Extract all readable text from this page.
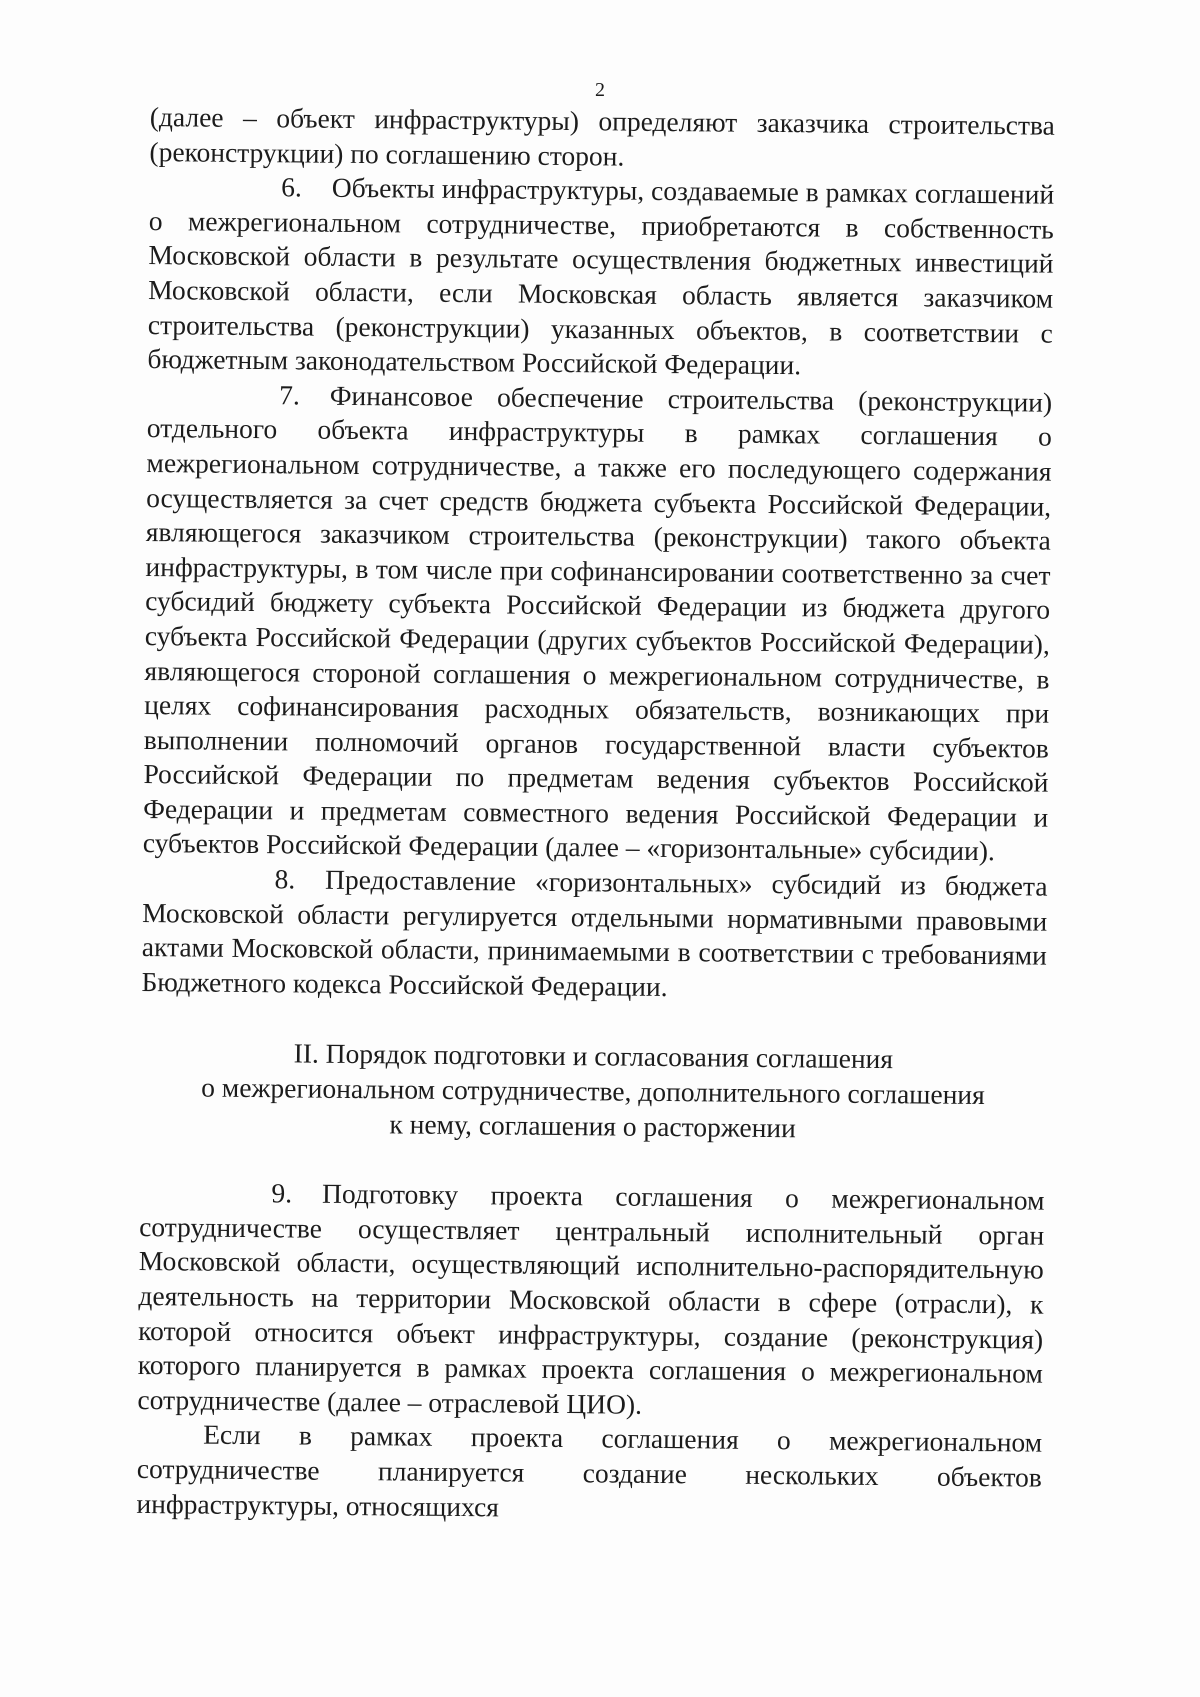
2

(далее – объект инфраструктуры) определяют заказчика строительства (реконструкции) по соглашению сторон.

6. Объекты инфраструктуры, создаваемые в рамках соглашений о межрегиональном сотрудничестве, приобретаются в собственность Московской области в результате осуществления бюджетных инвестиций Московской области, если Московская область является заказчиком строительства (реконструкции) указанных объектов, в соответствии с бюджетным законодательством Российской Федерации.

7. Финансовое обеспечение строительства (реконструкции) отдельного объекта инфраструктуры в рамках соглашения о межрегиональном сотрудничестве, а также его последующего содержания осуществляется за счет средств бюджета субъекта Российской Федерации, являющегося заказчиком строительства (реконструкции) такого объекта инфраструктуры, в том числе при софинансировании соответственно за счет субсидий бюджету субъекта Российской Федерации из бюджета другого субъекта Российской Федерации (других субъектов Российской Федерации), являющегося стороной соглашения о межрегиональном сотрудничестве, в целях софинансирования расходных обязательств, возникающих при выполнении полномочий органов государственной власти субъектов Российской Федерации по предметам ведения субъектов Российской Федерации и предметам совместного ведения Российской Федерации и субъектов Российской Федерации (далее – «горизонтальные» субсидии).

8. Предоставление «горизонтальных» субсидий из бюджета Московской области регулируется отдельными нормативными правовыми актами Московской области, принимаемыми в соответствии с требованиями Бюджетного кодекса Российской Федерации.

II. Порядок подготовки и согласования соглашения
о межрегиональном сотрудничестве, дополнительного соглашения
к нему, соглашения о расторжении

9. Подготовку проекта соглашения о межрегиональном сотрудничестве осуществляет центральный исполнительный орган Московской области, осуществляющий исполнительно-распорядительную деятельность на территории Московской области в сфере (отрасли), к которой относится объект инфраструктуры, создание (реконструкция) которого планируется в рамках проекта соглашения о межрегиональном сотрудничестве (далее – отраслевой ЦИО).

Если в рамках проекта соглашения о межрегиональном сотрудничестве планируется создание нескольких объектов инфраструктуры, относящихся
